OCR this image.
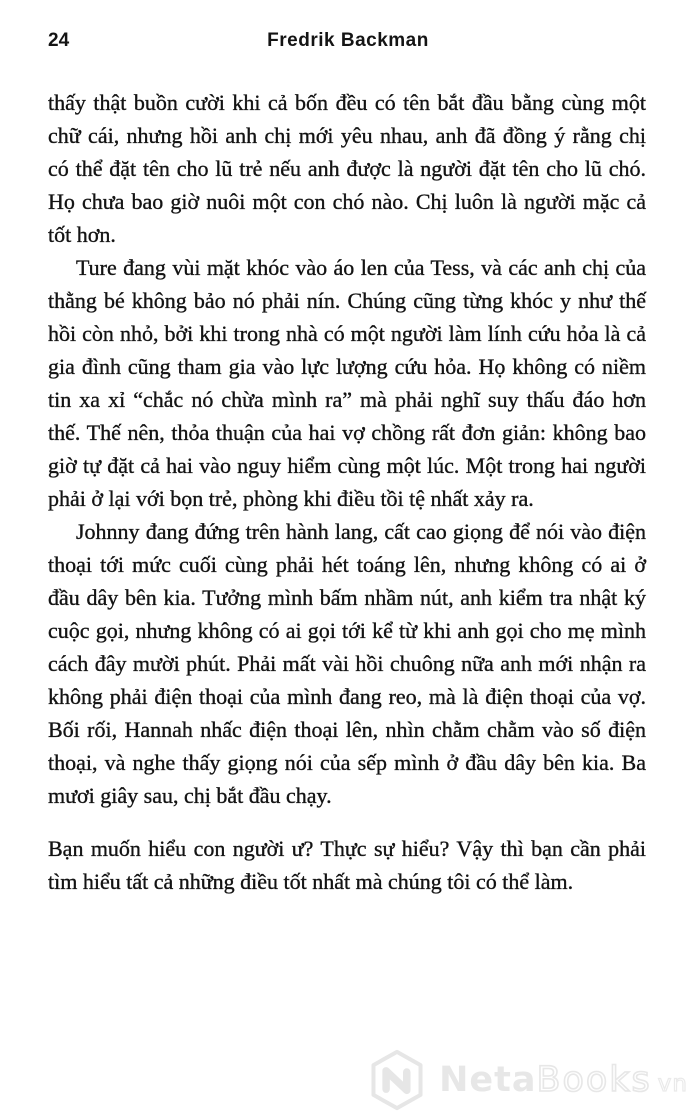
24	Fredrik Backman

thấy thật buồn cười khi cả bốn đều có tên bắt đầu bằng cùng một chữ cái, nhưng hồi anh chị mới yêu nhau, anh đã đồng ý rằng chị có thể đặt tên cho lũ trẻ nếu anh được là người đặt tên cho lũ chó. Họ chưa bao giờ nuôi một con chó nào. Chị luôn là người mặc cả tốt hơn.

Ture đang vùi mặt khóc vào áo len của Tess, và các anh chị của thằng bé không bảo nó phải nín. Chúng cũng từng khóc y như thế hồi còn nhỏ, bởi khi trong nhà có một người làm lính cứu hỏa là cả gia đình cũng tham gia vào lực lượng cứu hỏa. Họ không có niềm tin xa xỉ “chắc nó chừa mình ra” mà phải nghĩ suy thấu đáo hơn thế. Thế nên, thỏa thuận của hai vợ chồng rất đơn giản: không bao giờ tự đặt cả hai vào nguy hiểm cùng một lúc. Một trong hai người phải ở lại với bọn trẻ, phòng khi điều tồi tệ nhất xảy ra.

Johnny đang đứng trên hành lang, cất cao giọng để nói vào điện thoại tới mức cuối cùng phải hét toáng lên, nhưng không có ai ở đầu dây bên kia. Tưởng mình bấm nhầm nút, anh kiểm tra nhật ký cuộc gọi, nhưng không có ai gọi tới kể từ khi anh gọi cho mẹ mình cách đây mười phút. Phải mất vài hồi chuông nữa anh mới nhận ra không phải điện thoại của mình đang reo, mà là điện thoại của vợ. Bối rối, Hannah nhấc điện thoại lên, nhìn chằm chằm vào số điện thoại, và nghe thấy giọng nói của sếp mình ở đầu dây bên kia. Ba mươi giây sau, chị bắt đầu chạy.

Bạn muốn hiểu con người ư? Thực sự hiểu? Vậy thì bạn cần phải tìm hiểu tất cả những điều tốt nhất mà chúng tôi có thể làm.

NetaBooks vn
